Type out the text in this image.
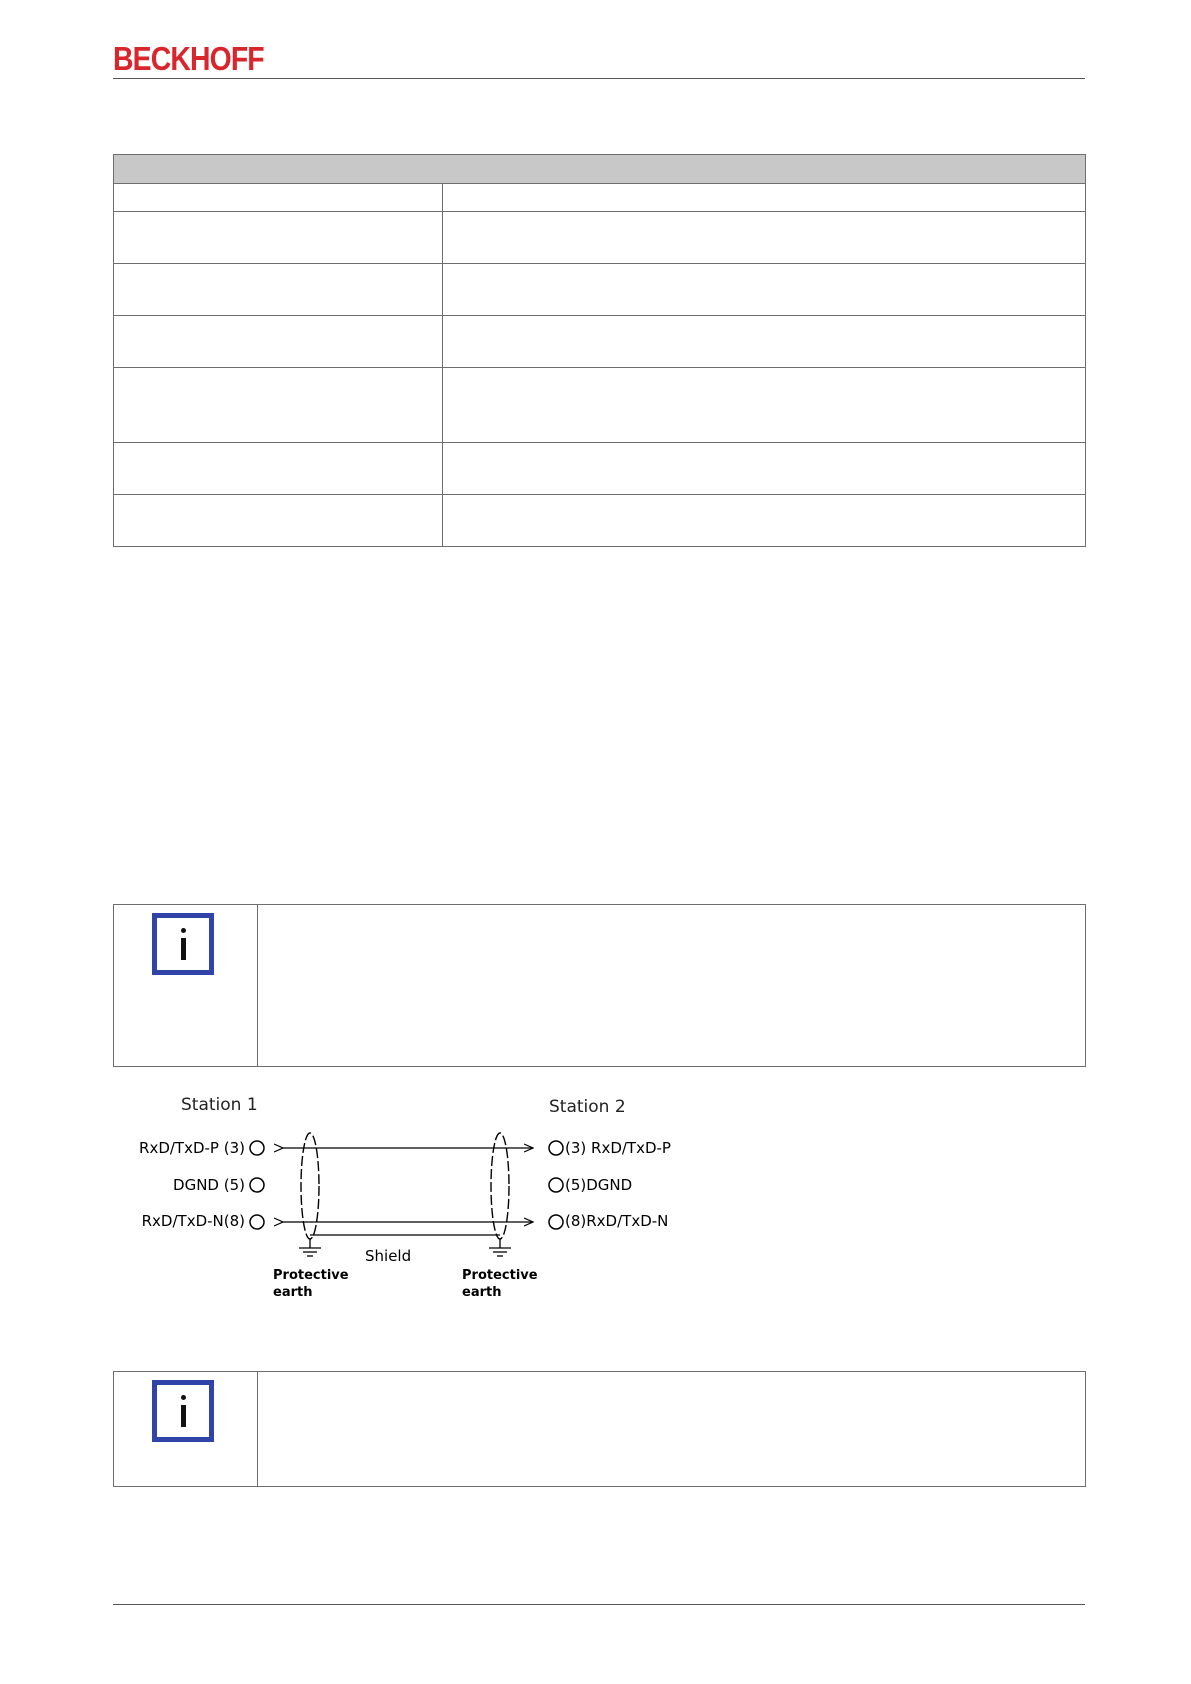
BECKHOFF

Station 1	Station 2
RxD/TxD-P (3)
DGND (5)
RxD/TxD-N(8)
(3) RxD/TxD-P
(5)DGND
(8)RxD/TxD-N
Shield
Protective
earth
Protective
earth
